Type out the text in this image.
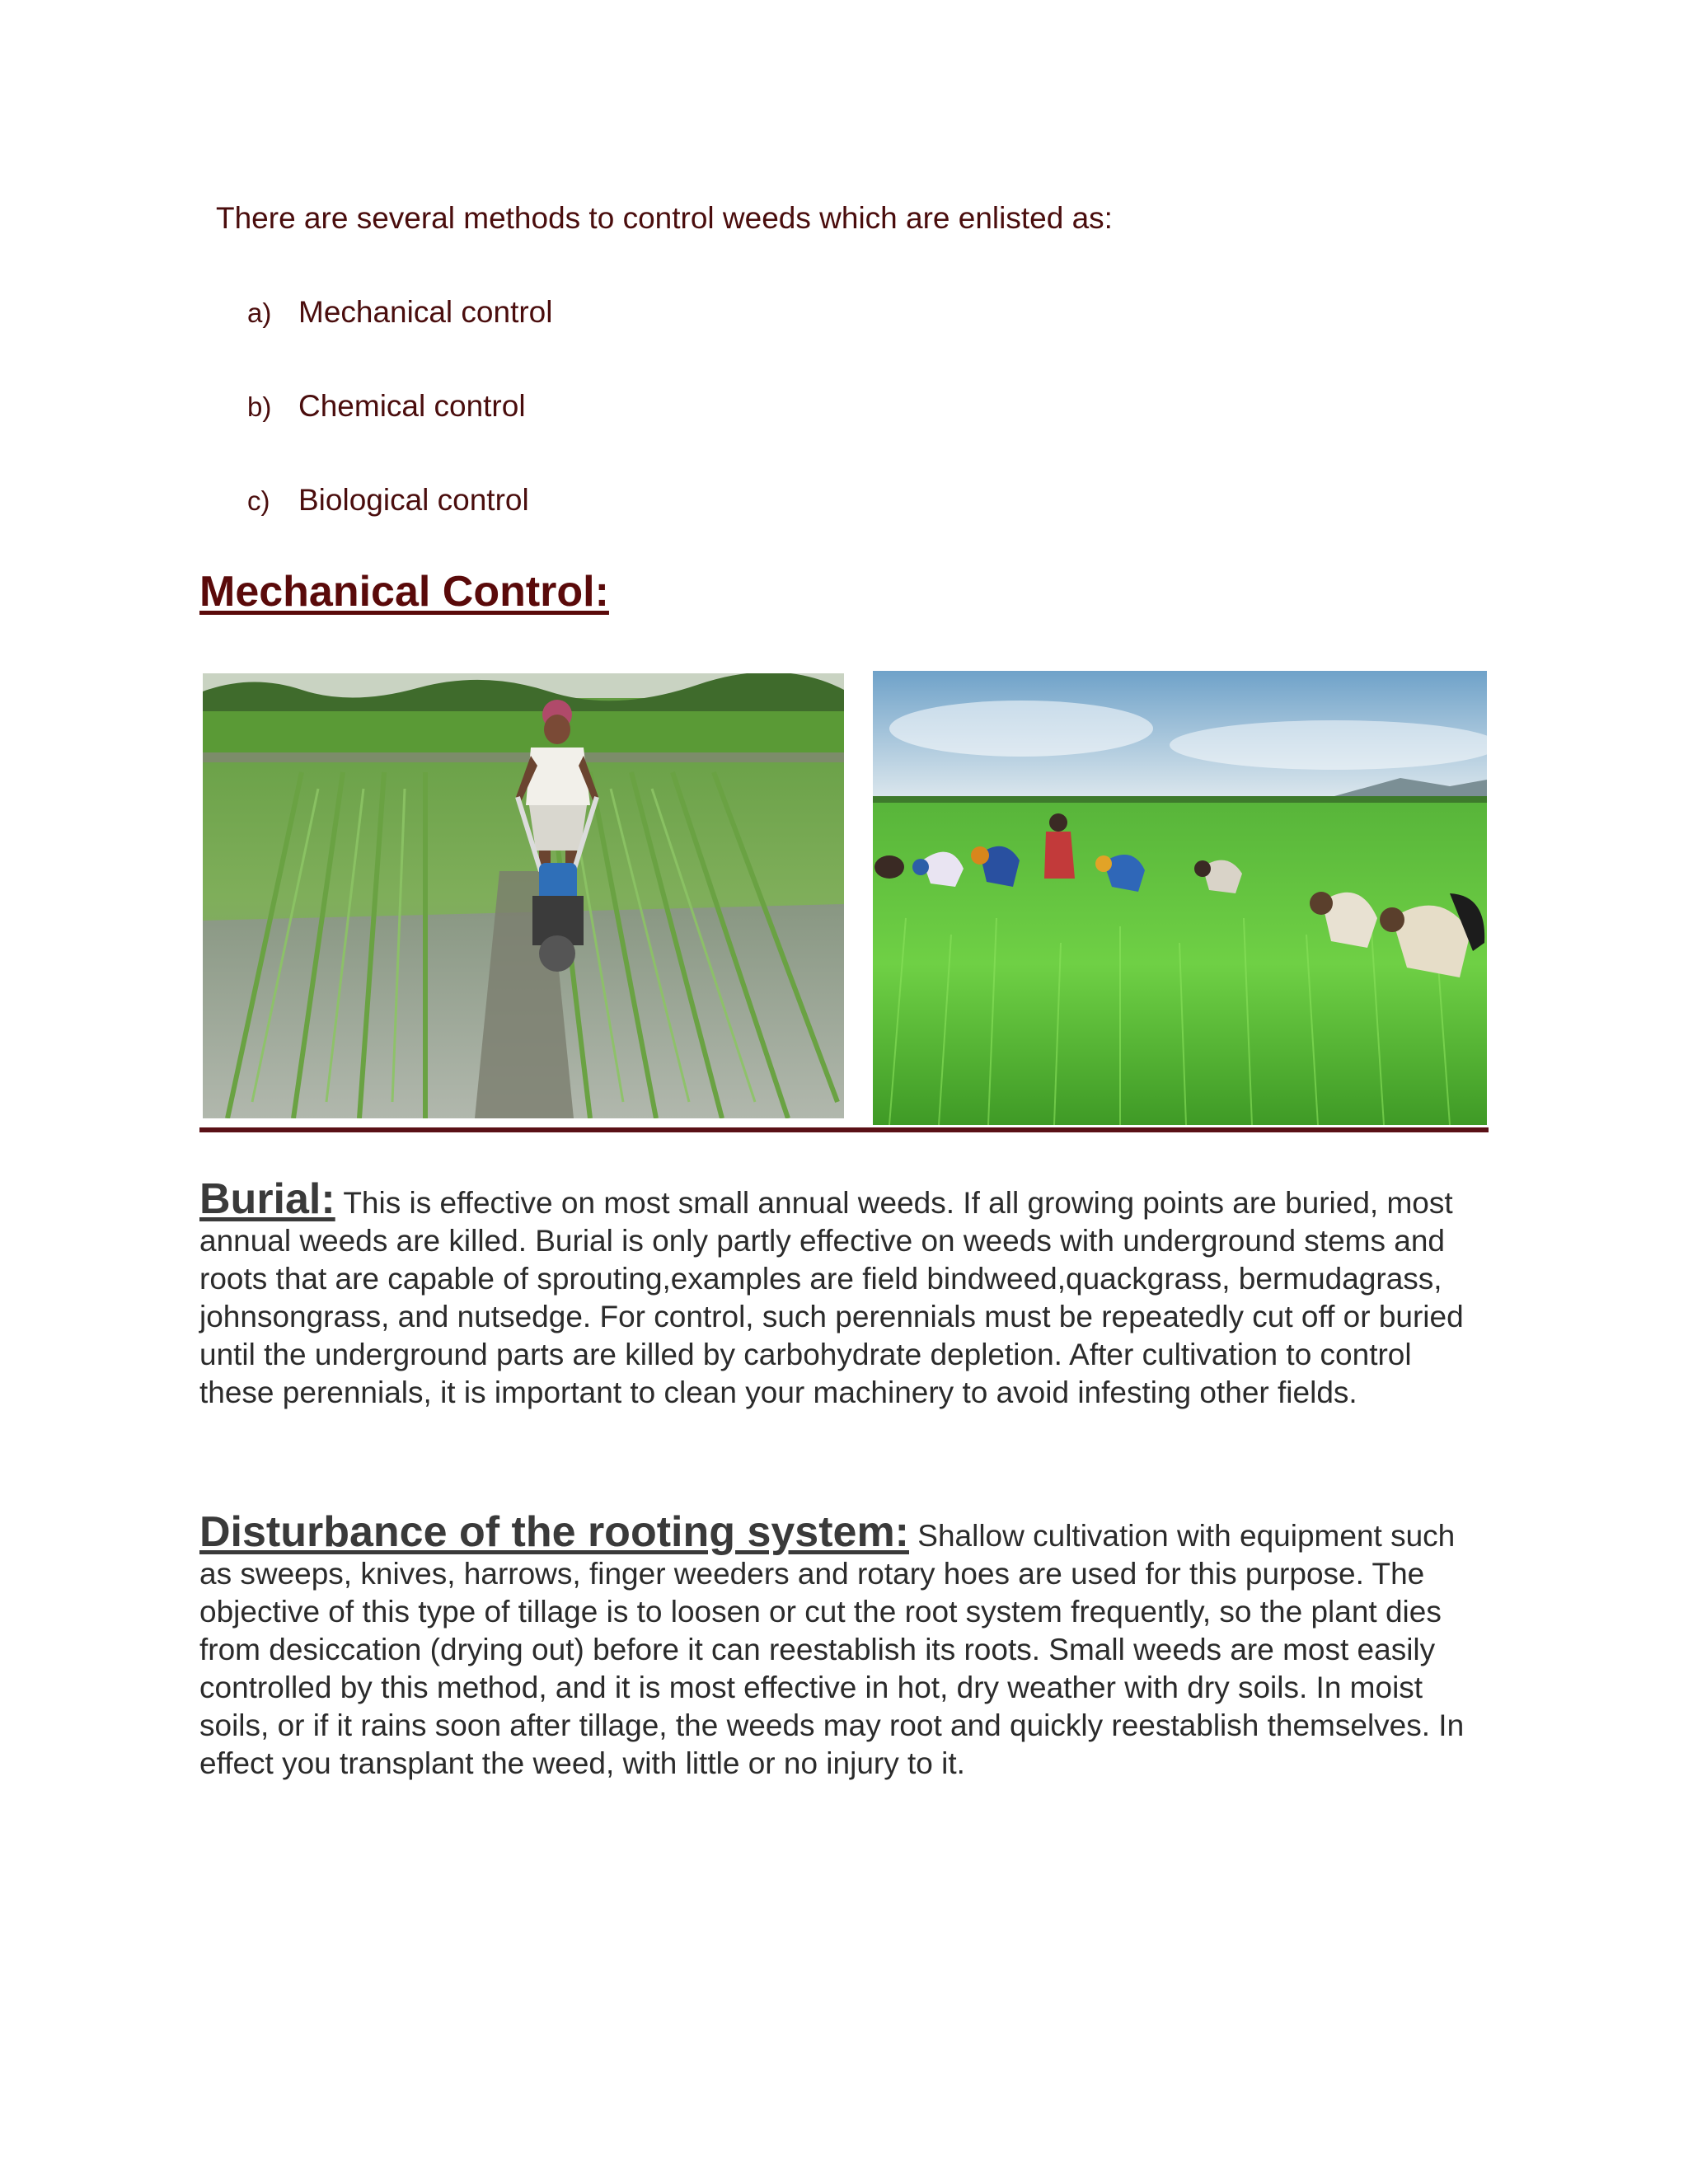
There are several methods to control weeds which are enlisted as:
a) Mechanical control
b) Chemical control
c) Biological control
Mechanical Control:

Burial: This is effective on most small annual weeds. If all growing points are buried, most annual weeds are killed. Burial is only partly effective on weeds with underground stems and roots that are capable of sprouting,examples are field bindweed,quackgrass, bermudagrass, johnsongrass, and nutsedge. For control, such perennials must be repeatedly cut off or buried until the underground parts are killed by carbohydrate depletion. After cultivation to control these perennials, it is important to clean your machinery to avoid infesting other fields.

Disturbance of the rooting system: Shallow cultivation with equipment such as sweeps, knives, harrows, finger weeders and rotary hoes are used for this purpose. The objective of this type of tillage is to loosen or cut the root system frequently, so the plant dies from desiccation (drying out) before it can reestablish its roots. Small weeds are most easily controlled by this method, and it is most effective in hot, dry weather with dry soils. In moist soils, or if it rains soon after tillage, the weeds may root and quickly reestablish themselves. In effect you transplant the weed, with little or no injury to it.
